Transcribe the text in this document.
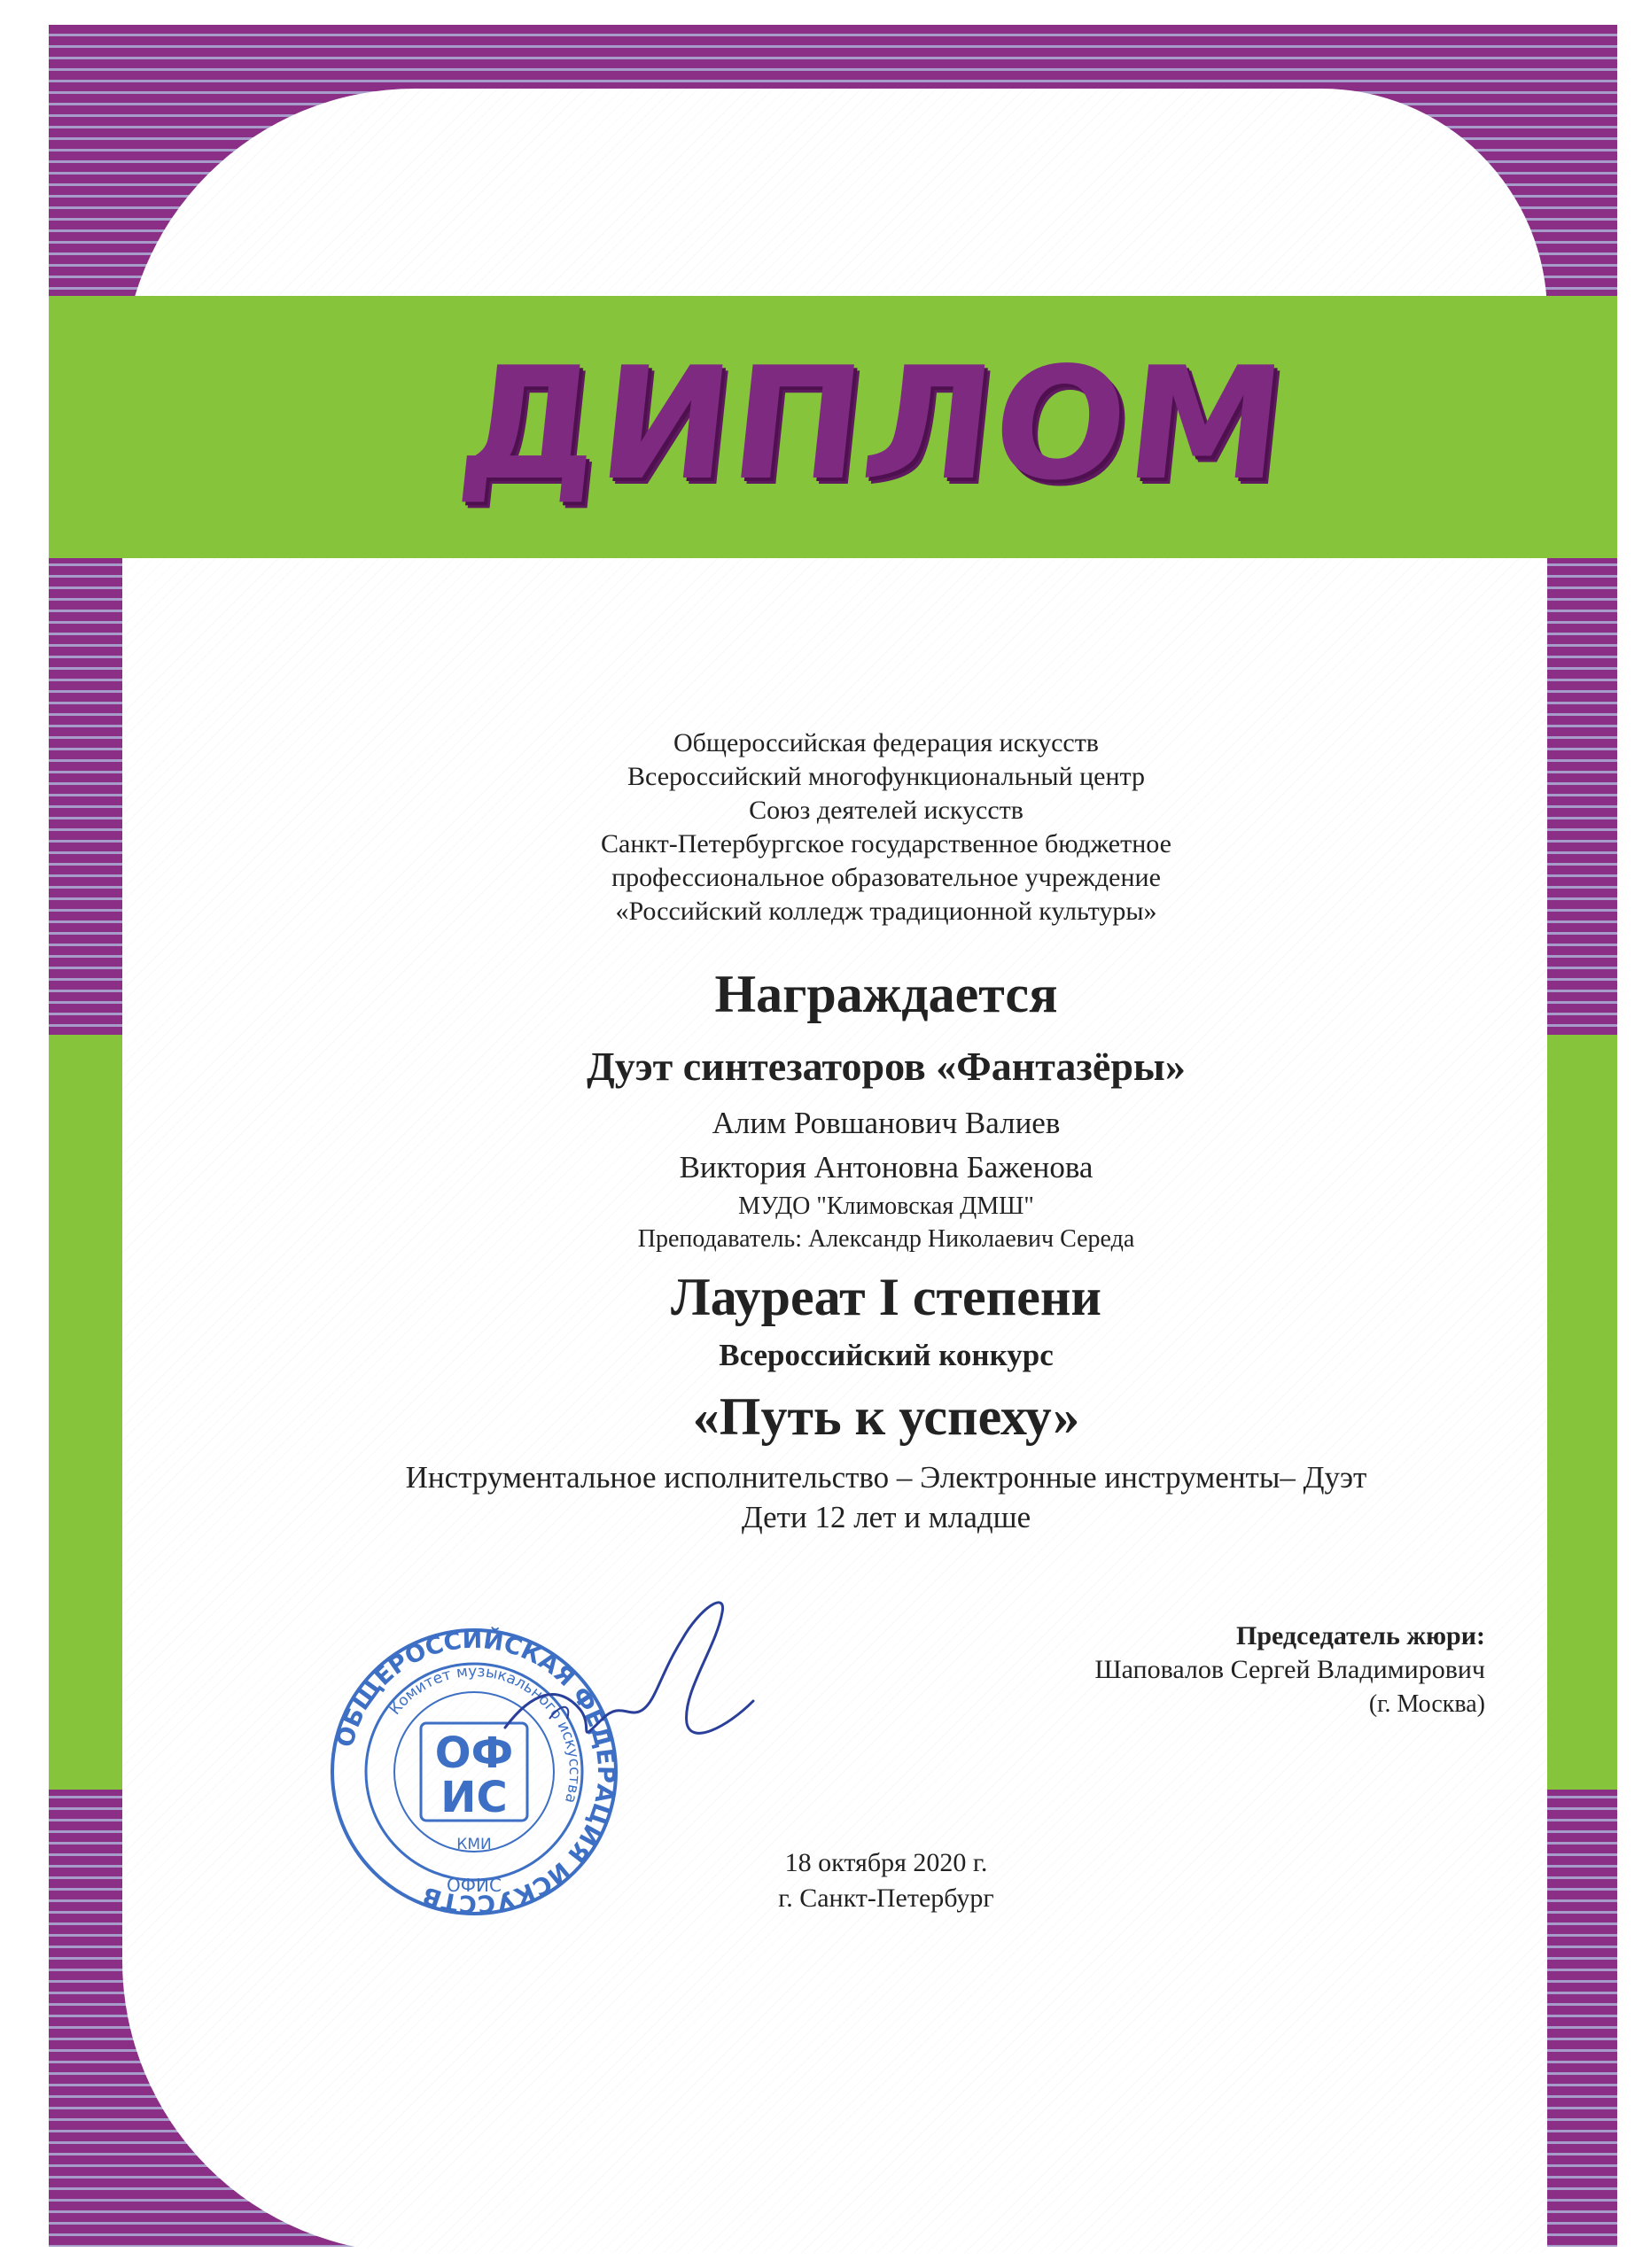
ДИПЛОМ
Общероссийская федерация искусств
Всероссийский многофункциональный центр
Союз деятелей искусств
Санкт-Петербургское государственное бюджетное
профессиональное образовательное учреждение
«Российский колледж традиционной культуры»
Награждается
Дуэт синтезаторов «Фантазёры»
Алим Ровшанович Валиев
Виктория Антоновна Баженова
МУДО "Климовская ДМШ"
Преподаватель: Александр Николаевич Середа
Лауреат I степени
Всероссийский конкурс
«Путь к успеху»
Инструментальное исполнительство – Электронные инструменты– Дуэт
Дети 12 лет и младше
Председатель жюри:
Шаповалов Сергей Владимирович
(г. Москва)
18 октября 2020 г.
г. Санкт-Петербург
ОБЩЕРОССИЙСКАЯ ФЕДЕРАЦИЯ ИСКУССТВ
Комитет музыкального искусства
ОФ
ИС
КМИ
ОФИС
